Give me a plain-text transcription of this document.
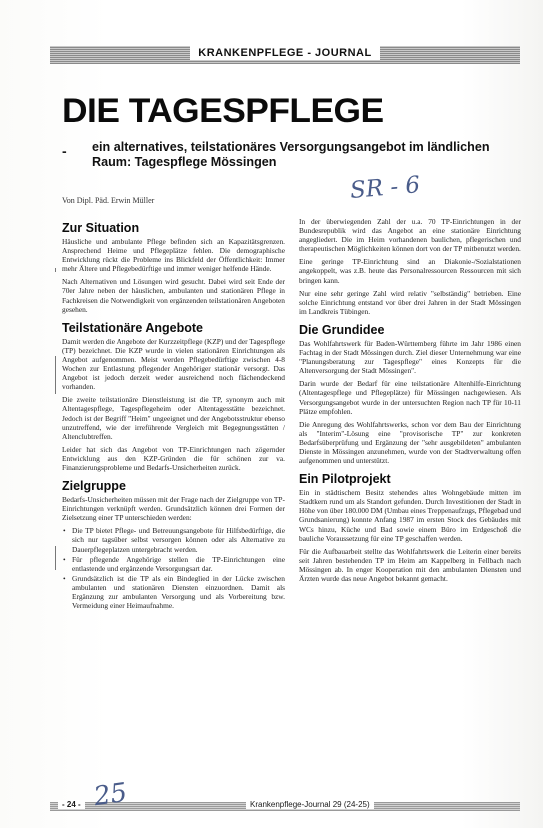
KRANKENPFLEGE - JOURNAL
DIE TAGESPFLEGE
- ein alternatives, teilstationäres Versorgungsangebot im ländlichen Raum: Tagespflege Mössingen
Von Dipl. Päd. Erwin Müller	SR - 6
Zur Situation

Häusliche und ambulante Pflege befinden sich an Kapazitätsgrenzen. Ansprechend Heime und Pflegeplätze fehlen. Die demographische Entwicklung rückt die Probleme ins Blickfeld der Öffentlichkeit: Immer mehr Ältere und Pflegebedürftige und immer weniger helfende Hände.

Nach Alternativen und Lösungen wird gesucht. Dabei wird seit Ende der 70er Jahre neben der häuslichen, ambulanten und stationären Pflege in Fachkreisen die Notwendigkeit von ergänzenden teilstationären Angeboten gesehen.

Teilstationäre Angebote

Damit werden die Angebote der Kurzzeitpflege (KZP) und der Tagespflege (TP) bezeichnet. Die KZP wurde in vielen stationären Einrichtungen als Angebot aufgenommen. Meist werden Pflegebedürftige zwischen 4-8 Wochen zur Entlastung pflegender Angehöriger stationär versorgt. Das Angebot ist jedoch derzeit weder ausreichend noch flächendeckend vorhanden.

Die zweite teilstationäre Dienstleistung ist die TP, synonym auch mit Altentagespflege, Tagespflegeheim oder Altentagesstätte bezeichnet. Jedoch ist der Begriff "Heim" ungeeignet und der Angebotsstruktur ebenso unzutreffend, wie der irreführende Vergleich mit Begegnungsstätten / Altenclubtreffen.

Leider hat sich das Angebot von TP-Einrichtungen nach zögernder Entwicklung aus den KZP-Gründen die für schönen zur va. Finanzierungsprobleme und Bedarfs-Unsicherheiten zurück.

Zielgruppe

Bedarfs-Unsicherheiten müssen mit der Frage nach der Zielgruppe von TP-Einrichtungen verknüpft werden. Grundsätzlich können drei Formen der Zielsetzung einer TP unterschieden werden:

• Die TP bietet Pflege- und Betreuungsangebote für Hilfsbedürftige, die sich nur tagsüber selbst versorgen können oder als Alternative zu Dauerpflegeplatzen untergebracht werden.
• Für pflegende Angehörige stellen die TP-Einrichtungen eine entlastende und ergänzende Versorgungsart dar.
• Grundsätzlich ist die TP als ein Bindeglied in der Lücke zwischen ambulanten und stationären Diensten einzuordnen. Damit als Ergänzung zur ambulanten Versorgung und als Vorbereitung bzw. Vermeidung einer Heimaufnahme.

In der überwiegenden Zahl der u.a. 70 TP-Einrichtungen in der Bundesrepublik wird das Angebot an eine stationäre Einrichtung angegliedert. Die im Heim vorhandenen baulichen, pflegerischen und therapeutischen Möglichkeiten können dort von der TP mitbenutzt werden.

Eine geringe TP-Einrichtung sind an Diakonie-/Sozialstationen angekoppelt, was z.B. heute das Personalressourcen Ressourcen mit sich bringen kann.

Nur eine sehr geringe Zahl wird relativ "selbständig" betrieben. Eine solche Einrichtung entstand vor über drei Jahren in der Stadt Mössingen im Landkreis Tübingen.

Die Grundidee

Das Wohlfahrtswerk für Baden-Württemberg führte im Jahr 1986 einen Fachtag in der Stadt Mössingen durch. Ziel dieser Unternehmung war eine "Planungsberatung zur Tagespflege" eines Konzepts für die Altenversorgung der Stadt Mössingen".

Darin wurde der Bedarf für eine teilstationäre Altenhilfe-Einrichtung (Altentagespflege und Pflegeplätze) für Mössingen nachgewiesen. Als Versorgungsangebot wurde in der untersuchten Region nach TP für 10-11 Plätze empfohlen.

Die Anregung des Wohlfahrtswerks, schon vor dem Bau der Einrichtung als "Interim"-Lösung eine "provisorische TP" zur konkreten Bedarfsüberprüfung und Ergänzung der "sehr ausgebildeten" ambulanten Dienste in Mössingen anzunehmen, wurde von der Stadtverwaltung offen aufgenommen und unterstützt.

Ein Pilotprojekt

Ein in städtischem Besitz stehendes altes Wohngebäude mitten im Stadtkern rund um als Standort gefunden. Durch Investitionen der Stadt in Höhe von über 180.000 DM (Umbau eines Treppenaufzugs, Pflegebad und Grundsanierung) konnte Anfang 1987 im ersten Stock des Gebäudes mit WCs hinzu, Küche und Bad sowie einem Büro im Erdgeschoß die bauliche Voraussetzung für eine TP geschaffen werden.

Für die Aufbauarbeit stellte das Wohlfahrtswerk die Leiterin einer bereits seit Jahren bestehenden TP im Heim am Kappelberg in Fellbach nach Mössingen ab. In enger Kooperation mit den ambulanten Diensten und Ärzten wurde das neue Angebot bekannt gemacht.

- 24 -	Krankenpflege-Journal 29 (24-25)
25
